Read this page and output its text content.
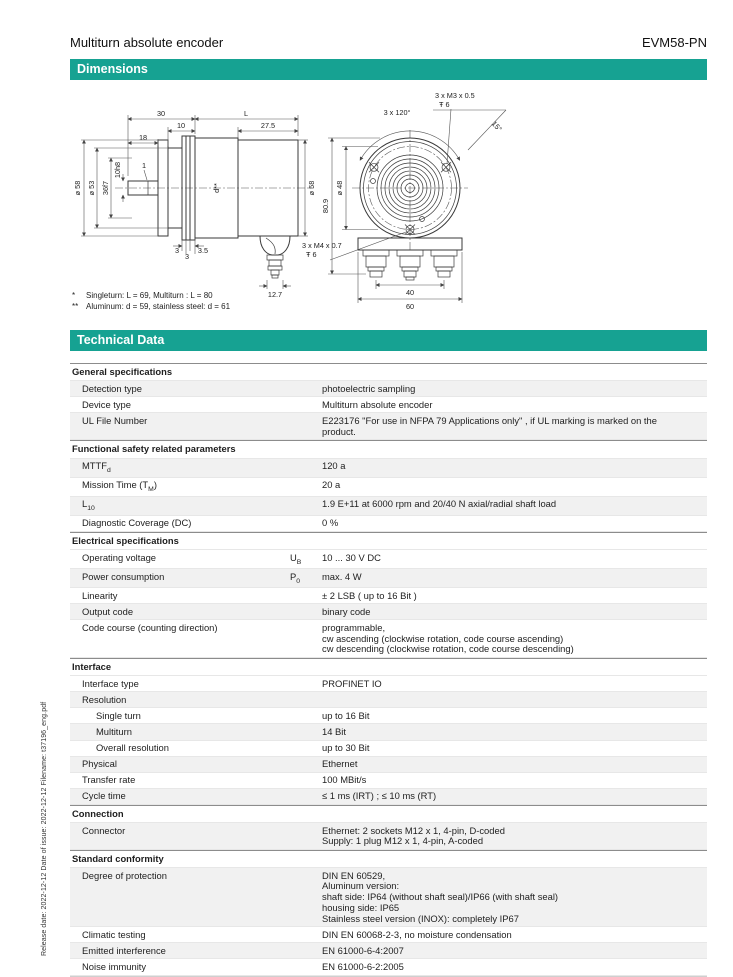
Multiturn absolute encoder	EVM58-PN
Dimensions
30	L
10	27.5
18
ø 58 ø 53 36f7
10h8	1
d**	ø 58
3
3
3.5
12.7
3 x M4 x 0.7
Ŧ 6
80.9
ø 48
3 x 120°
3 x M3 x 0.5
Ŧ 6
15°
40
60
* Singleturn: L = 69, Multiturn : L = 80
** Aluminum: d = 59, stainless steel: d = 61
Technical Data
General specifications
Detection type	photoelectric sampling
Device type	Multiturn absolute encoder
UL File Number	E223176 "For use in NFPA 79 Applications only" , if UL marking is marked on the
product.
Functional safety related parameters
$MTTF_d$	120 a
Mission Time $(T_M)$	20 a
$L_{10}$	1.9 E+11 at 6000 rpm and 20/40 N axial/radial shaft load
Diagnostic Coverage (DC)	0 %
Electrical specifications
Operating voltage	$U_B$	10 ... 30 V DC
Power consumption	$P_0$	max. 4 W
Linearity	± 2 LSB ( up to 16 Bit )
Output code	binary code
Code course (counting direction)	programmable,
cw ascending (clockwise rotation, code course ascending)
cw descending (clockwise rotation, code course descending)
Interface
Interface type	PROFINET IO
Resolution
Single turn	up to 16 Bit
Multiturn	14 Bit
Overall resolution	up to 30 Bit
Physical	Ethernet
Transfer rate	100 MBit/s
Cycle time	≤ 1 ms (IRT) ; ≤ 10 ms (RT)
Connection
Connector	Ethernet: 2 sockets M12 x 1, 4-pin, D-coded
Supply: 1 plug M12 x 1, 4-pin, A-coded
Standard conformity
Degree of protection	DIN EN 60529,
Aluminum version:
shaft side: IP64 (without shaft seal)/IP66 (with shaft seal)
housing side: IP65
Stainless steel version (INOX): completely IP67
Climatic testing	DIN EN 60068-2-3, no moisture condensation
Emitted interference	EN 61000-6-4:2007
Noise immunity	EN 61000-6-2:2005
Release date: 2022-12-12 Date of issue: 2022-12-12 Filename: t37196_eng.pdf
